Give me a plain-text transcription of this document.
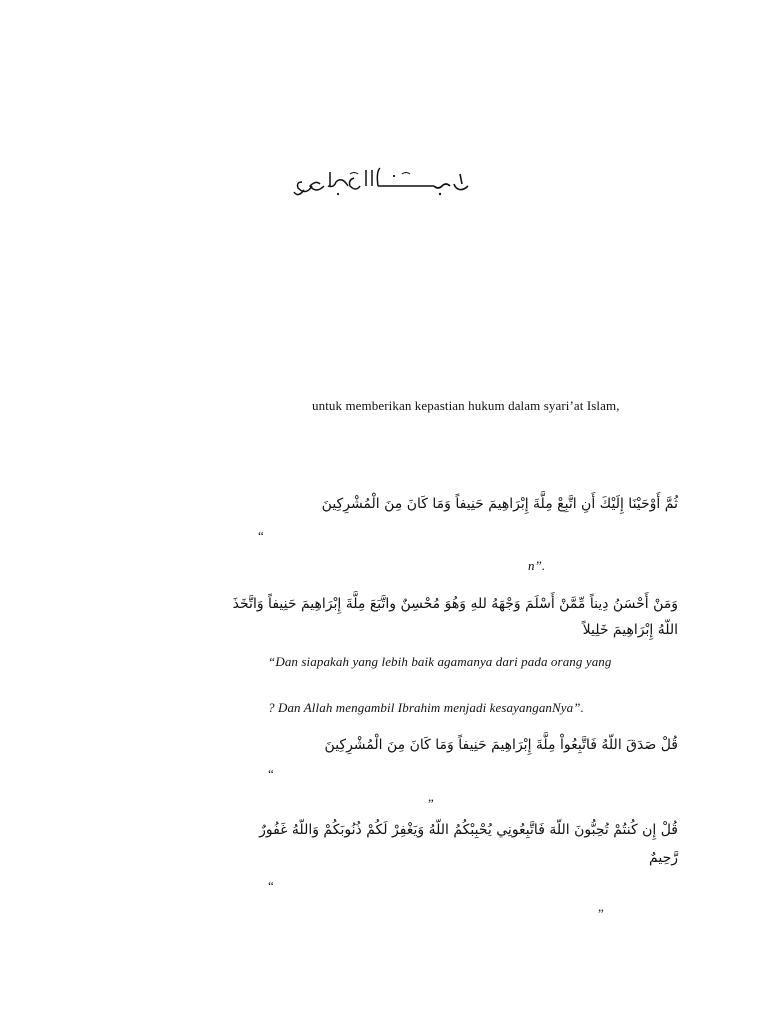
untuk memberikan kepastian hukum dalam syari’at Islam,
ثُمَّ أَوْحَيْنَا إِلَيْكَ أَنِ اتَّبِعْ مِلَّةَ إِبْرَاهِيمَ حَنِيفاً وَمَا كَانَ مِنَ الْمُشْرِكِينَ
“
n”.
وَمَنْ أَحْسَنُ دِيناً مِّمَّنْ أَسْلَمَ وَجْهَهُ للهِ وَهُوَ مُحْسِنٌ واتَّبَعَ مِلَّةَ إِبْرَاهِيمَ حَنِيفاً وَاتَّخَذَ
اللّهُ إِبْرَاهِيمَ خَلِيلاً
“Dan siapakah yang lebih baik agamanya dari pada orang yang
? Dan Allah mengambil Ibrahim menjadi kesayanganNya”.
قُلْ صَدَقَ اللّهُ فَاتَّبِعُواْ مِلَّةَ إِبْرَاهِيمَ حَنِيفاً وَمَا كَانَ مِنَ الْمُشْرِكِينَ
“
”
قُلْ إِن كُنتُمْ تُحِبُّونَ اللّهَ فَاتَّبِعُونِي يُحْبِبْكُمُ اللّهُ وَيَغْفِرْ لَكُمْ ذُنُوبَكُمْ وَاللّهُ غَفُورٌ
رَّحِيمٌ
“
”
